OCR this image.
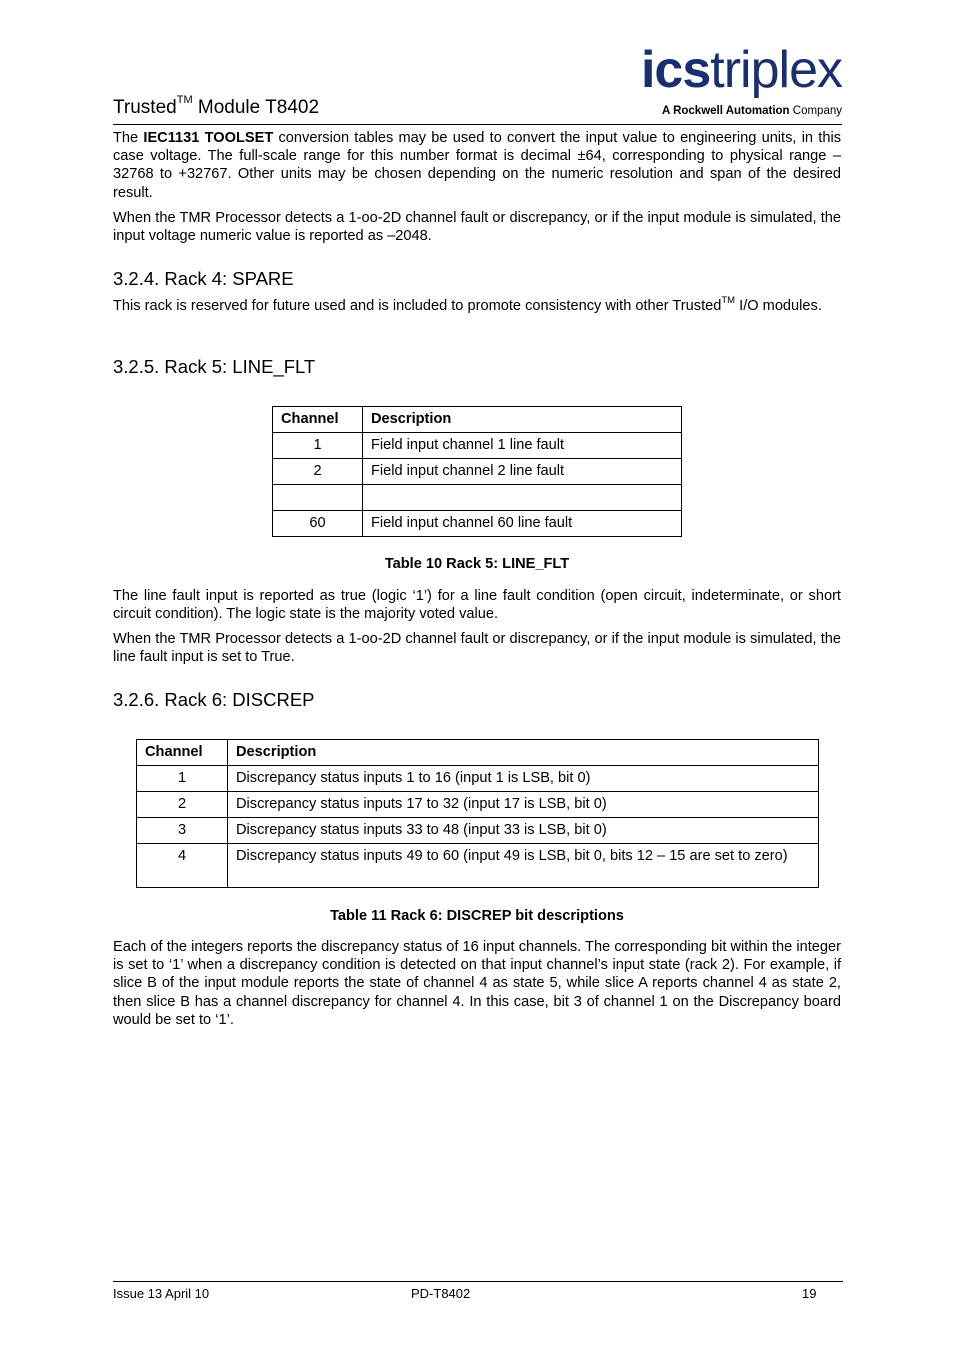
Trusted™ Module T8402
icstriplex
A Rockwell Automation Company
The IEC1131 TOOLSET conversion tables may be used to convert the input value to engineering units, in this case voltage. The full-scale range for this number format is decimal ±64, corresponding to physical range –32768 to +32767. Other units may be chosen depending on the numeric resolution and span of the desired result.
When the TMR Processor detects a 1-oo-2D channel fault or discrepancy, or if the input module is simulated, the input voltage numeric value is reported as –2048.
3.2.4. Rack 4: SPARE
This rack is reserved for future used and is included to promote consistency with other Trusted™ I/O modules.
3.2.5. Rack 5: LINE_FLT
Channel	Description
1	Field input channel 1 line fault
2	Field input channel 2 line fault

60	Field input channel 60 line fault
Table 10 Rack 5: LINE_FLT
The line fault input is reported as true (logic ‘1’) for a line fault condition (open circuit, indeterminate, or short circuit condition). The logic state is the majority voted value.
When the TMR Processor detects a 1-oo-2D channel fault or discrepancy, or if the input module is simulated, the line fault input is set to True.
3.2.6. Rack 6: DISCREP
Channel	Description
1	Discrepancy status inputs 1 to 16 (input 1 is LSB, bit 0)
2	Discrepancy status inputs 17 to 32 (input 17 is LSB, bit 0)
3	Discrepancy status inputs 33 to 48 (input 33 is LSB, bit 0)
4	Discrepancy status inputs 49 to 60 (input 49 is LSB, bit 0, bits 12 – 15 are set to zero)
Table 11 Rack 6: DISCREP bit descriptions
Each of the integers reports the discrepancy status of 16 input channels. The corresponding bit within the integer is set to ‘1’ when a discrepancy condition is detected on that input channel’s input state (rack 2). For example, if slice B of the input module reports the state of channel 4 as state 5, while slice A reports channel 4 as state 2, then slice B has a channel discrepancy for channel 4. In this case, bit 3 of channel 1 on the Discrepancy board would be set to ‘1’.
Issue 13 April 10	PD-T8402	19
